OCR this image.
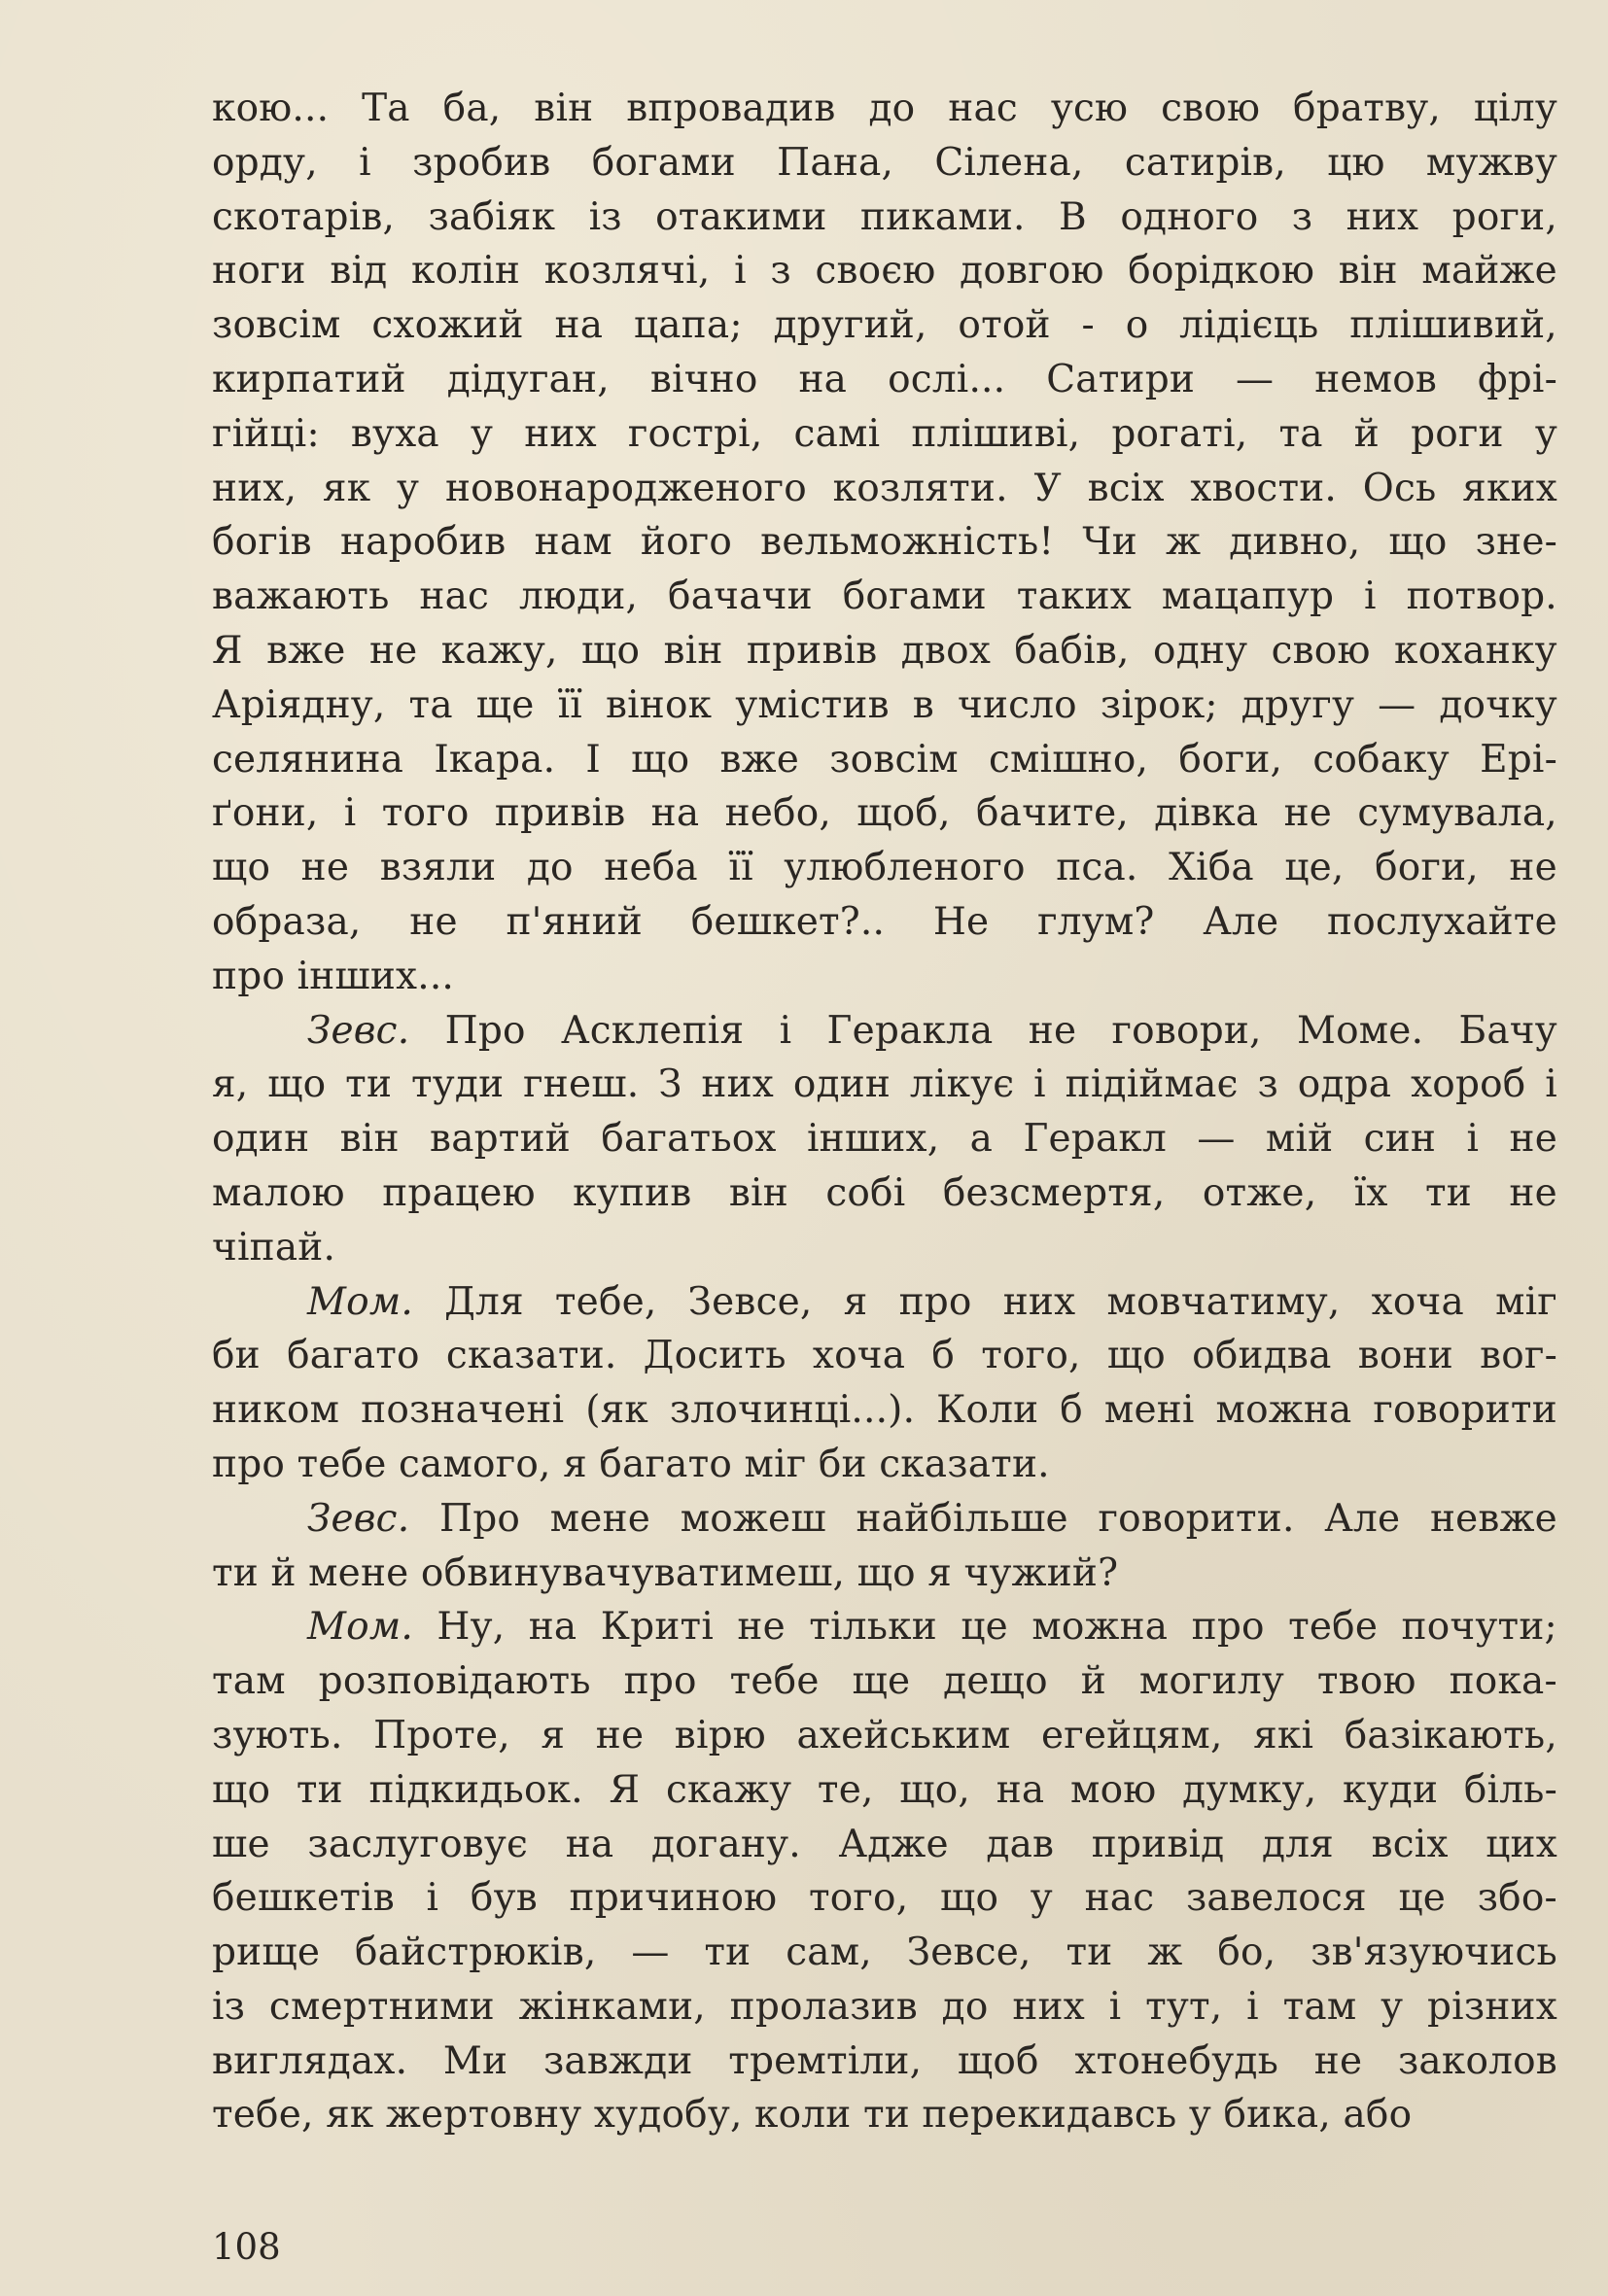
кою... Та ба, він впровадив до нас усю свою братву, цілу
орду, і зробив богами Пана, Сілена, сатирів, цю мужву
скотарів, забіяк із отакими пиками. В одного з них роги,
ноги від колін козлячі, і з своєю довгою борідкою він майже
зовсім схожий на цапа; другий, отой - о лідієць плішивий,
кирпатий дідуган, вічно на ослі... Сатири — немов фрі-
гійці: вуха у них гострі, самі плішиві, рогаті, та й роги у
них, як у новонародженого козляти. У всіх хвости. Ось яких
богів наробив нам його вельможність! Чи ж дивно, що зне-
важають нас люди, бачачи богами таких мацапур і потвор.
Я вже не кажу, що він привів двох бабів, одну свою коханку
Аріядну, та ще її вінок умістив в число зірок; другу — дочку
селянина Ікара. І що вже зовсім смішно, боги, собаку Ері-
ґони, і того привів на небо, щоб, бачите, дівка не сумувала,
що не взяли до неба її улюбленого пса. Хіба це, боги, не
образа, не п'яний бешкет?.. Не глум? Але послухайте
про інших...
Зевс. Про Асклепія і Геракла не говори, Моме. Бачу
я, що ти туди гнеш. З них один лікує і підіймає з одра хороб і
один він вартий багатьох інших, а Геракл — мій син і не
малою працею купив він собі безсмертя, отже, їх ти не
чіпай.
Мом. Для тебе, Зевсе, я про них мовчатиму, хоча міг
би багато сказати. Досить хоча б того, що обидва вони вог-
ником позначені (як злочинці...). Коли б мені можна говорити
про тебе самого, я багато міг би сказати.
Зевс. Про мене можеш найбільше говорити. Але невже
ти й мене обвинувачуватимеш, що я чужий?
Мом. Ну, на Криті не тільки це можна про тебе почути;
там розповідають про тебе ще дещо й могилу твою пока-
зують. Проте, я не вірю ахейським егейцям, які базікають,
що ти підкидьок. Я скажу те, що, на мою думку, куди біль-
ше заслуговує на догану. Адже дав привід для всіх цих
бешкетів і був причиною того, що у нас завелося це збо-
рище байстрюків, — ти сам, Зевсе, ти ж бо, зв'язуючись
із смертними жінками, пролазив до них і тут, і там у різних
виглядах. Ми завжди тремтіли, щоб хтонебудь не заколов
тебе, як жертовну худобу, коли ти перекидавсь у бика, або
108
